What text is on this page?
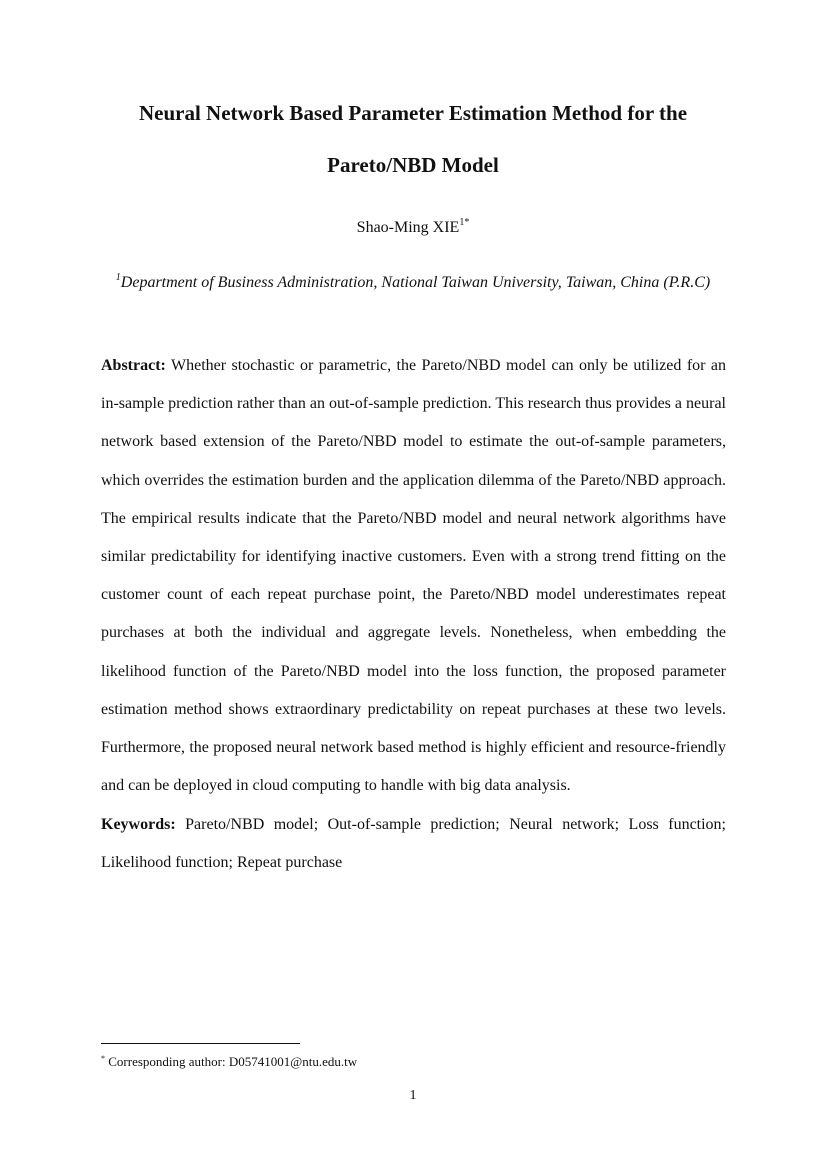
Neural Network Based Parameter Estimation Method for the
Pareto/NBD Model
Shao-Ming $XIE^{1*}$
$^1$Department of Business Administration, National Taiwan University, Taiwan, China (P.R.C)

Abstract: Whether stochastic or parametric, the Pareto/NBD model can only be utilized for an in-sample prediction rather than an out-of-sample prediction. This research thus provides a neural network based extension of the Pareto/NBD model to estimate the out-of-sample parameters, which overrides the estimation burden and the application dilemma of the Pareto/NBD approach. The empirical results indicate that the Pareto/NBD model and neural network algorithms have similar predictability for identifying inactive customers. Even with a strong trend fitting on the customer count of each repeat purchase point, the Pareto/NBD model underestimates repeat purchases at both the individual and aggregate levels. Nonetheless, when embedding the likelihood function of the Pareto/NBD model into the loss function, the proposed parameter estimation method shows extraordinary predictability on repeat purchases at these two levels. Furthermore, the proposed neural network based method is highly efficient and resource-friendly and can be deployed in cloud computing to handle with big data analysis.

Keywords: Pareto/NBD model; Out-of-sample prediction; Neural network; Loss function; Likelihood function; Repeat purchase

* Corresponding author: D05741001@ntu.edu.tw
1
